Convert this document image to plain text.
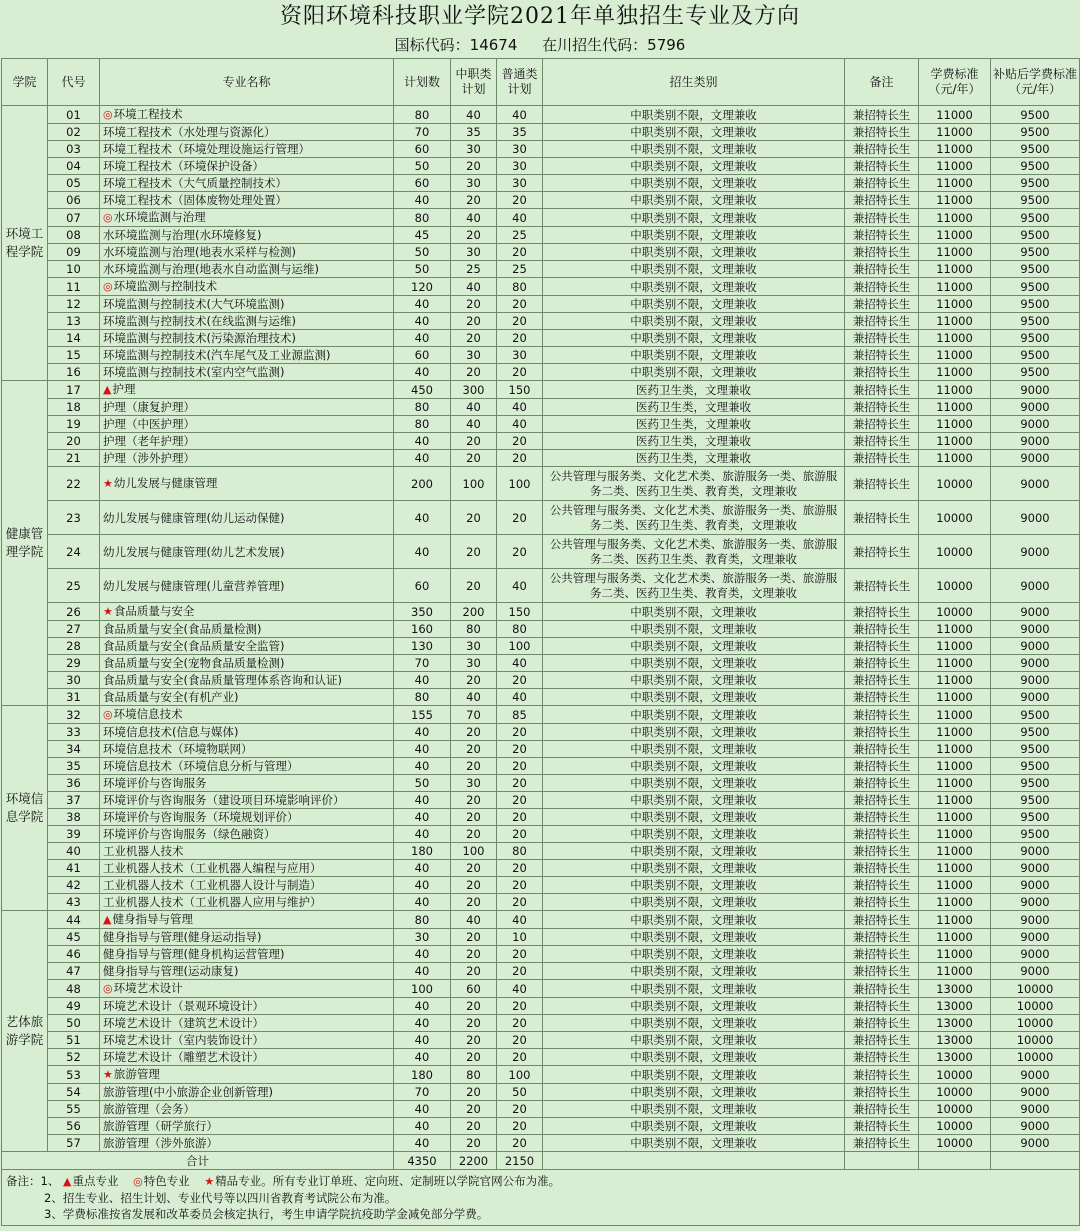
资阳环境科技职业学院2021年单独招生专业及方向
国标代码：14674 在川招生代码：5796
学院	代号	专业名称	计划数	中职类计划	普通类计划	招生类别	备注	学费标准（元/年）	补贴后学费标准（元/年）
环境工程学院	01	◎环境工程技术	80	40	40	中职类别不限，文理兼收	兼招特长生	11000	9500
	02	环境工程技术（水处理与资源化）	70	35	35	中职类别不限，文理兼收	兼招特长生	11000	9500
	03	环境工程技术（环境处理设施运行管理）	60	30	30	中职类别不限，文理兼收	兼招特长生	11000	9500
	04	环境工程技术（环境保护设备）	50	20	30	中职类别不限，文理兼收	兼招特长生	11000	9500
	05	环境工程技术（大气质量控制技术）	60	30	30	中职类别不限，文理兼收	兼招特长生	11000	9500
	06	环境工程技术（固体废物处理处置）	40	20	20	中职类别不限，文理兼收	兼招特长生	11000	9500
	07	◎水环境监测与治理	80	40	40	中职类别不限，文理兼收	兼招特长生	11000	9500
	08	水环境监测与治理(水环境修复)	45	20	25	中职类别不限，文理兼收	兼招特长生	11000	9500
	09	水环境监测与治理(地表水采样与检测)	50	30	20	中职类别不限，文理兼收	兼招特长生	11000	9500
	10	水环境监测与治理(地表水自动监测与运维)	50	25	25	中职类别不限，文理兼收	兼招特长生	11000	9500
	11	◎环境监测与控制技术	120	40	80	中职类别不限，文理兼收	兼招特长生	11000	9500
	12	环境监测与控制技术(大气环境监测)	40	20	20	中职类别不限，文理兼收	兼招特长生	11000	9500
	13	环境监测与控制技术(在线监测与运维)	40	20	20	中职类别不限，文理兼收	兼招特长生	11000	9500
	14	环境监测与控制技术(污染源治理技术)	40	20	20	中职类别不限，文理兼收	兼招特长生	11000	9500
	15	环境监测与控制技术(汽车尾气及工业源监测)	60	30	30	中职类别不限，文理兼收	兼招特长生	11000	9500
	16	环境监测与控制技术(室内空气监测)	40	20	20	中职类别不限，文理兼收	兼招特长生	11000	9500
健康管理学院	17	▲护理	450	300	150	医药卫生类，文理兼收	兼招特长生	11000	9000
	18	护理（康复护理）	80	40	40	医药卫生类，文理兼收	兼招特长生	11000	9000
	19	护理（中医护理）	80	40	40	医药卫生类，文理兼收	兼招特长生	11000	9000
	20	护理（老年护理）	40	20	20	医药卫生类，文理兼收	兼招特长生	11000	9000
	21	护理（涉外护理）	40	20	20	医药卫生类，文理兼收	兼招特长生	11000	9000
	22	★幼儿发展与健康管理	200	100	100	公共管理与服务类、文化艺术类、旅游服务一类、旅游服务二类、医药卫生类、教育类，文理兼收	兼招特长生	10000	9000
	23	幼儿发展与健康管理(幼儿运动保健)	40	20	20	公共管理与服务类、文化艺术类、旅游服务一类、旅游服务二类、医药卫生类、教育类，文理兼收	兼招特长生	10000	9000
	24	幼儿发展与健康管理(幼儿艺术发展)	40	20	20	公共管理与服务类、文化艺术类、旅游服务一类、旅游服务二类、医药卫生类、教育类，文理兼收	兼招特长生	10000	9000
	25	幼儿发展与健康管理(儿童营养管理)	60	20	40	公共管理与服务类、文化艺术类、旅游服务一类、旅游服务二类、医药卫生类、教育类，文理兼收	兼招特长生	10000	9000
	26	★食品质量与安全	350	200	150	中职类别不限，文理兼收	兼招特长生	10000	9000
	27	食品质量与安全(食品质量检测)	160	80	80	中职类别不限，文理兼收	兼招特长生	11000	9000
	28	食品质量与安全(食品质量安全监管)	130	30	100	中职类别不限，文理兼收	兼招特长生	11000	9000
	29	食品质量与安全(宠物食品质量检测)	70	30	40	中职类别不限，文理兼收	兼招特长生	11000	9000
	30	食品质量与安全(食品质量管理体系咨询和认证)	40	20	20	中职类别不限，文理兼收	兼招特长生	11000	9000
	31	食品质量与安全(有机产业)	80	40	40	中职类别不限，文理兼收	兼招特长生	11000	9000
环境信息学院	32	◎环境信息技术	155	70	85	中职类别不限，文理兼收	兼招特长生	11000	9500
	33	环境信息技术(信息与媒体)	40	20	20	中职类别不限，文理兼收	兼招特长生	11000	9500
	34	环境信息技术（环境物联网）	40	20	20	中职类别不限，文理兼收	兼招特长生	11000	9500
	35	环境信息技术（环境信息分析与管理）	40	20	20	中职类别不限，文理兼收	兼招特长生	11000	9500
	36	环境评价与咨询服务	50	30	20	中职类别不限，文理兼收	兼招特长生	11000	9500
	37	环境评价与咨询服务（建设项目环境影响评价）	40	20	20	中职类别不限，文理兼收	兼招特长生	11000	9500
	38	环境评价与咨询服务（环境规划评价）	40	20	20	中职类别不限，文理兼收	兼招特长生	11000	9500
	39	环境评价与咨询服务（绿色融资）	40	20	20	中职类别不限，文理兼收	兼招特长生	11000	9500
	40	工业机器人技术	180	100	80	中职类别不限，文理兼收	兼招特长生	11000	9000
	41	工业机器人技术（工业机器人编程与应用）	40	20	20	中职类别不限，文理兼收	兼招特长生	11000	9000
	42	工业机器人技术（工业机器人设计与制造）	40	20	20	中职类别不限，文理兼收	兼招特长生	11000	9000
	43	工业机器人技术（工业机器人应用与维护）	40	20	20	中职类别不限，文理兼收	兼招特长生	11000	9000
艺体旅游学院	44	▲健身指导与管理	80	40	40	中职类别不限，文理兼收	兼招特长生	11000	9000
	45	健身指导与管理(健身运动指导)	30	20	10	中职类别不限，文理兼收	兼招特长生	11000	9000
	46	健身指导与管理(健身机构运营管理)	40	20	20	中职类别不限，文理兼收	兼招特长生	11000	9000
	47	健身指导与管理(运动康复)	40	20	20	中职类别不限，文理兼收	兼招特长生	11000	9000
	48	◎环境艺术设计	100	60	40	中职类别不限，文理兼收	兼招特长生	13000	10000
	49	环境艺术设计（景观环境设计）	40	20	20	中职类别不限，文理兼收	兼招特长生	13000	10000
	50	环境艺术设计（建筑艺术设计）	40	20	20	中职类别不限，文理兼收	兼招特长生	13000	10000
	51	环境艺术设计（室内装饰设计）	40	20	20	中职类别不限，文理兼收	兼招特长生	13000	10000
	52	环境艺术设计（雕塑艺术设计）	40	20	20	中职类别不限，文理兼收	兼招特长生	13000	10000
	53	★旅游管理	180	80	100	中职类别不限，文理兼收	兼招特长生	10000	9000
	54	旅游管理(中小旅游企业创新管理)	70	20	50	中职类别不限，文理兼收	兼招特长生	10000	9000
	55	旅游管理（会务）	40	20	20	中职类别不限，文理兼收	兼招特长生	10000	9000
	56	旅游管理（研学旅行）	40	20	20	中职类别不限，文理兼收	兼招特长生	10000	9000
	57	旅游管理（涉外旅游）	40	20	20	中职类别不限，文理兼收	兼招特长生	10000	9000
合计			4350	2200	2150				

备注：1、 ▲重点专业 ◎特色专业 ★精品专业。所有专业订单班、定向班、定制班以学院官网公布为准。
2、招生专业、招生计划、专业代号等以四川省教育考试院公布为准。
3、学费标准按省发展和改革委员会核定执行，考生申请学院抗疫助学金减免部分学费。									
